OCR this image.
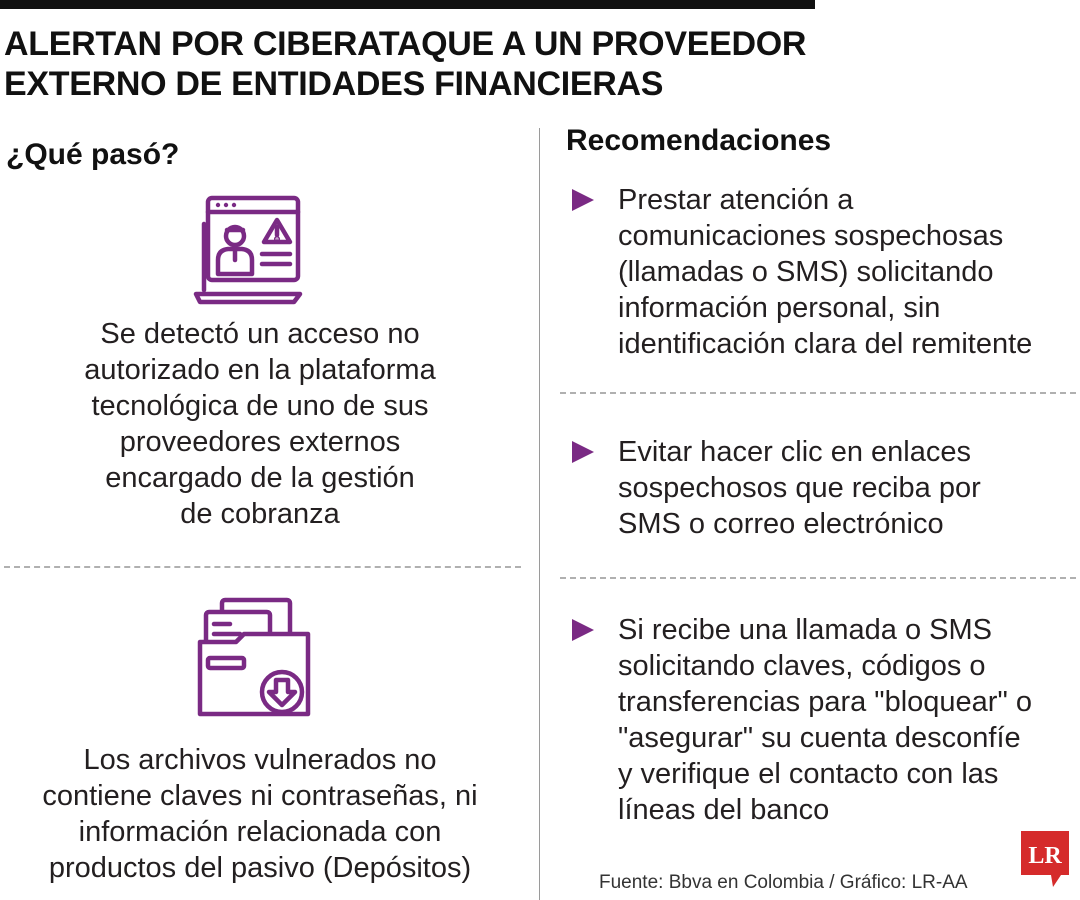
ALERTAN POR CIBERATAQUE A UN PROVEEDOR
EXTERNO DE ENTIDADES FINANCIERAS
¿Qué pasó?	Recomendaciones

Se detectó un acceso no
autorizado en la plataforma
tecnológica de uno de sus
proveedores externos
encargado de la gestión
de cobranza

Los archivos vulnerados no
contiene claves ni contraseñas, ni
información relacionada con
productos del pasivo (Depósitos)

Prestar atención a
comunicaciones sospechosas
(llamadas o SMS) solicitando
información personal, sin
identificación clara del remitente

Evitar hacer clic en enlaces
sospechosos que reciba por
SMS o correo electrónico

Si recibe una llamada o SMS
solicitando claves, códigos o
transferencias para "bloquear" o
"asegurar" su cuenta desconfíe
y verifique el contacto con las
líneas del banco

Fuente: Bbva en Colombia / Gráfico: LR-AA
LR
